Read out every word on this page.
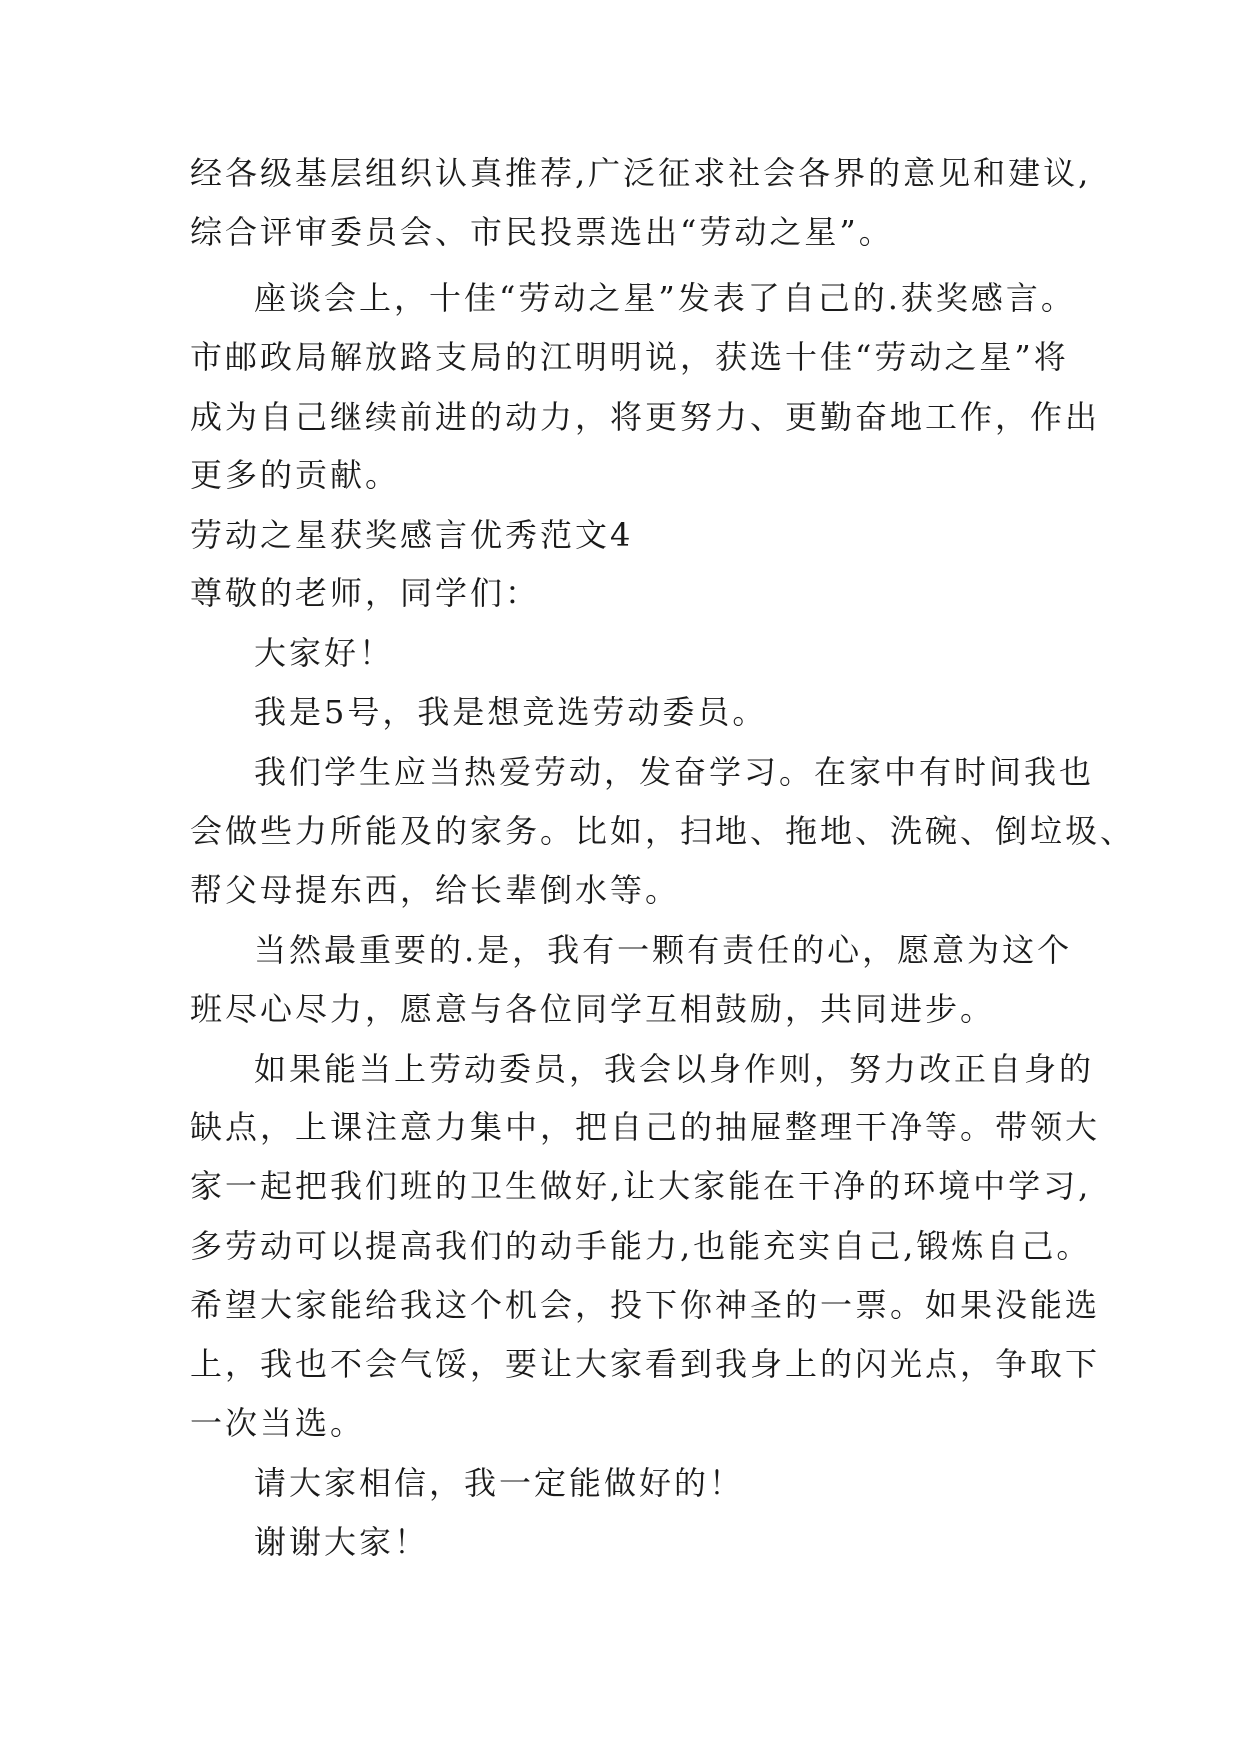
经各级基层组织认真推荐,广泛征求社会各界的意见和建议,
综合评审委员会、市民投票选出“劳动之星”。
座谈会上，十佳“劳动之星”发表了自己的.获奖感言。
市邮政局解放路支局的江明明说，获选十佳“劳动之星”将
成为自己继续前进的动力，将更努力、更勤奋地工作，作出
更多的贡献。
劳动之星获奖感言优秀范文4
尊敬的老师，同学们：
大家好！
我是5号，我是想竞选劳动委员。
我们学生应当热爱劳动，发奋学习。在家中有时间我也
会做些力所能及的家务。比如，扫地、拖地、洗碗、倒垃圾、
帮父母提东西，给长辈倒水等。
当然最重要的.是，我有一颗有责任的心，愿意为这个
班尽心尽力，愿意与各位同学互相鼓励，共同进步。
如果能当上劳动委员，我会以身作则，努力改正自身的
缺点，上课注意力集中，把自己的抽屉整理干净等。带领大
家一起把我们班的卫生做好,让大家能在干净的环境中学习,
多劳动可以提高我们的动手能力,也能充实自己,锻炼自己。
希望大家能给我这个机会，投下你神圣的一票。如果没能选
上，我也不会气馁，要让大家看到我身上的闪光点，争取下
一次当选。
请大家相信，我一定能做好的！
谢谢大家！
